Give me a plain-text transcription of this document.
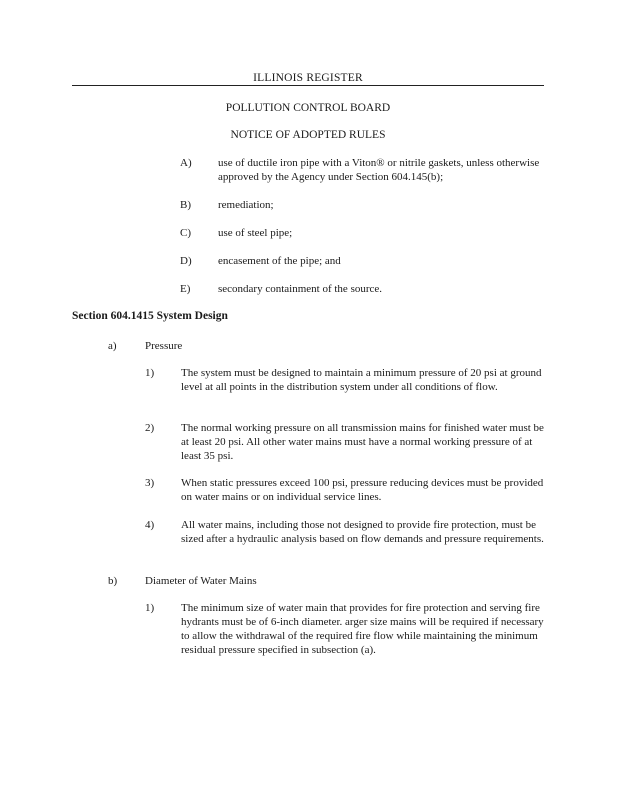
ILLINOIS REGISTER
POLLUTION CONTROL BOARD
NOTICE OF ADOPTED RULES
A) use of ductile iron pipe with a Viton® or nitrile gaskets, unless otherwise approved by the Agency under Section 604.145(b);
B) remediation;
C) use of steel pipe;
D) encasement of the pipe; and
E)	secondary containment of the source.
Section 604.1415 System Design
a)	Pressure
1) The system must be designed to maintain a minimum pressure of 20 psi at ground level at all points in the distribution system under all conditions of flow.
2) The normal working pressure on all transmission mains for finished water must be at least 20 psi. All other water mains must have a normal working pressure of at least 35 psi.
3) When static pressures exceed 100 psi, pressure reducing devices must be provided on water mains or on individual service lines.
4) All water mains, including those not designed to provide fire protection, must be sized after a hydraulic analysis based on flow demands and pressure requirements.
b)	Diameter of Water Mains
1) The minimum size of water main that provides for fire protection and serving fire hydrants must be of 6-inch diameter. arger size mains will be required if necessary to allow the withdrawal of the required fire flow while maintaining the minimum residual pressure specified in subsection (a).
